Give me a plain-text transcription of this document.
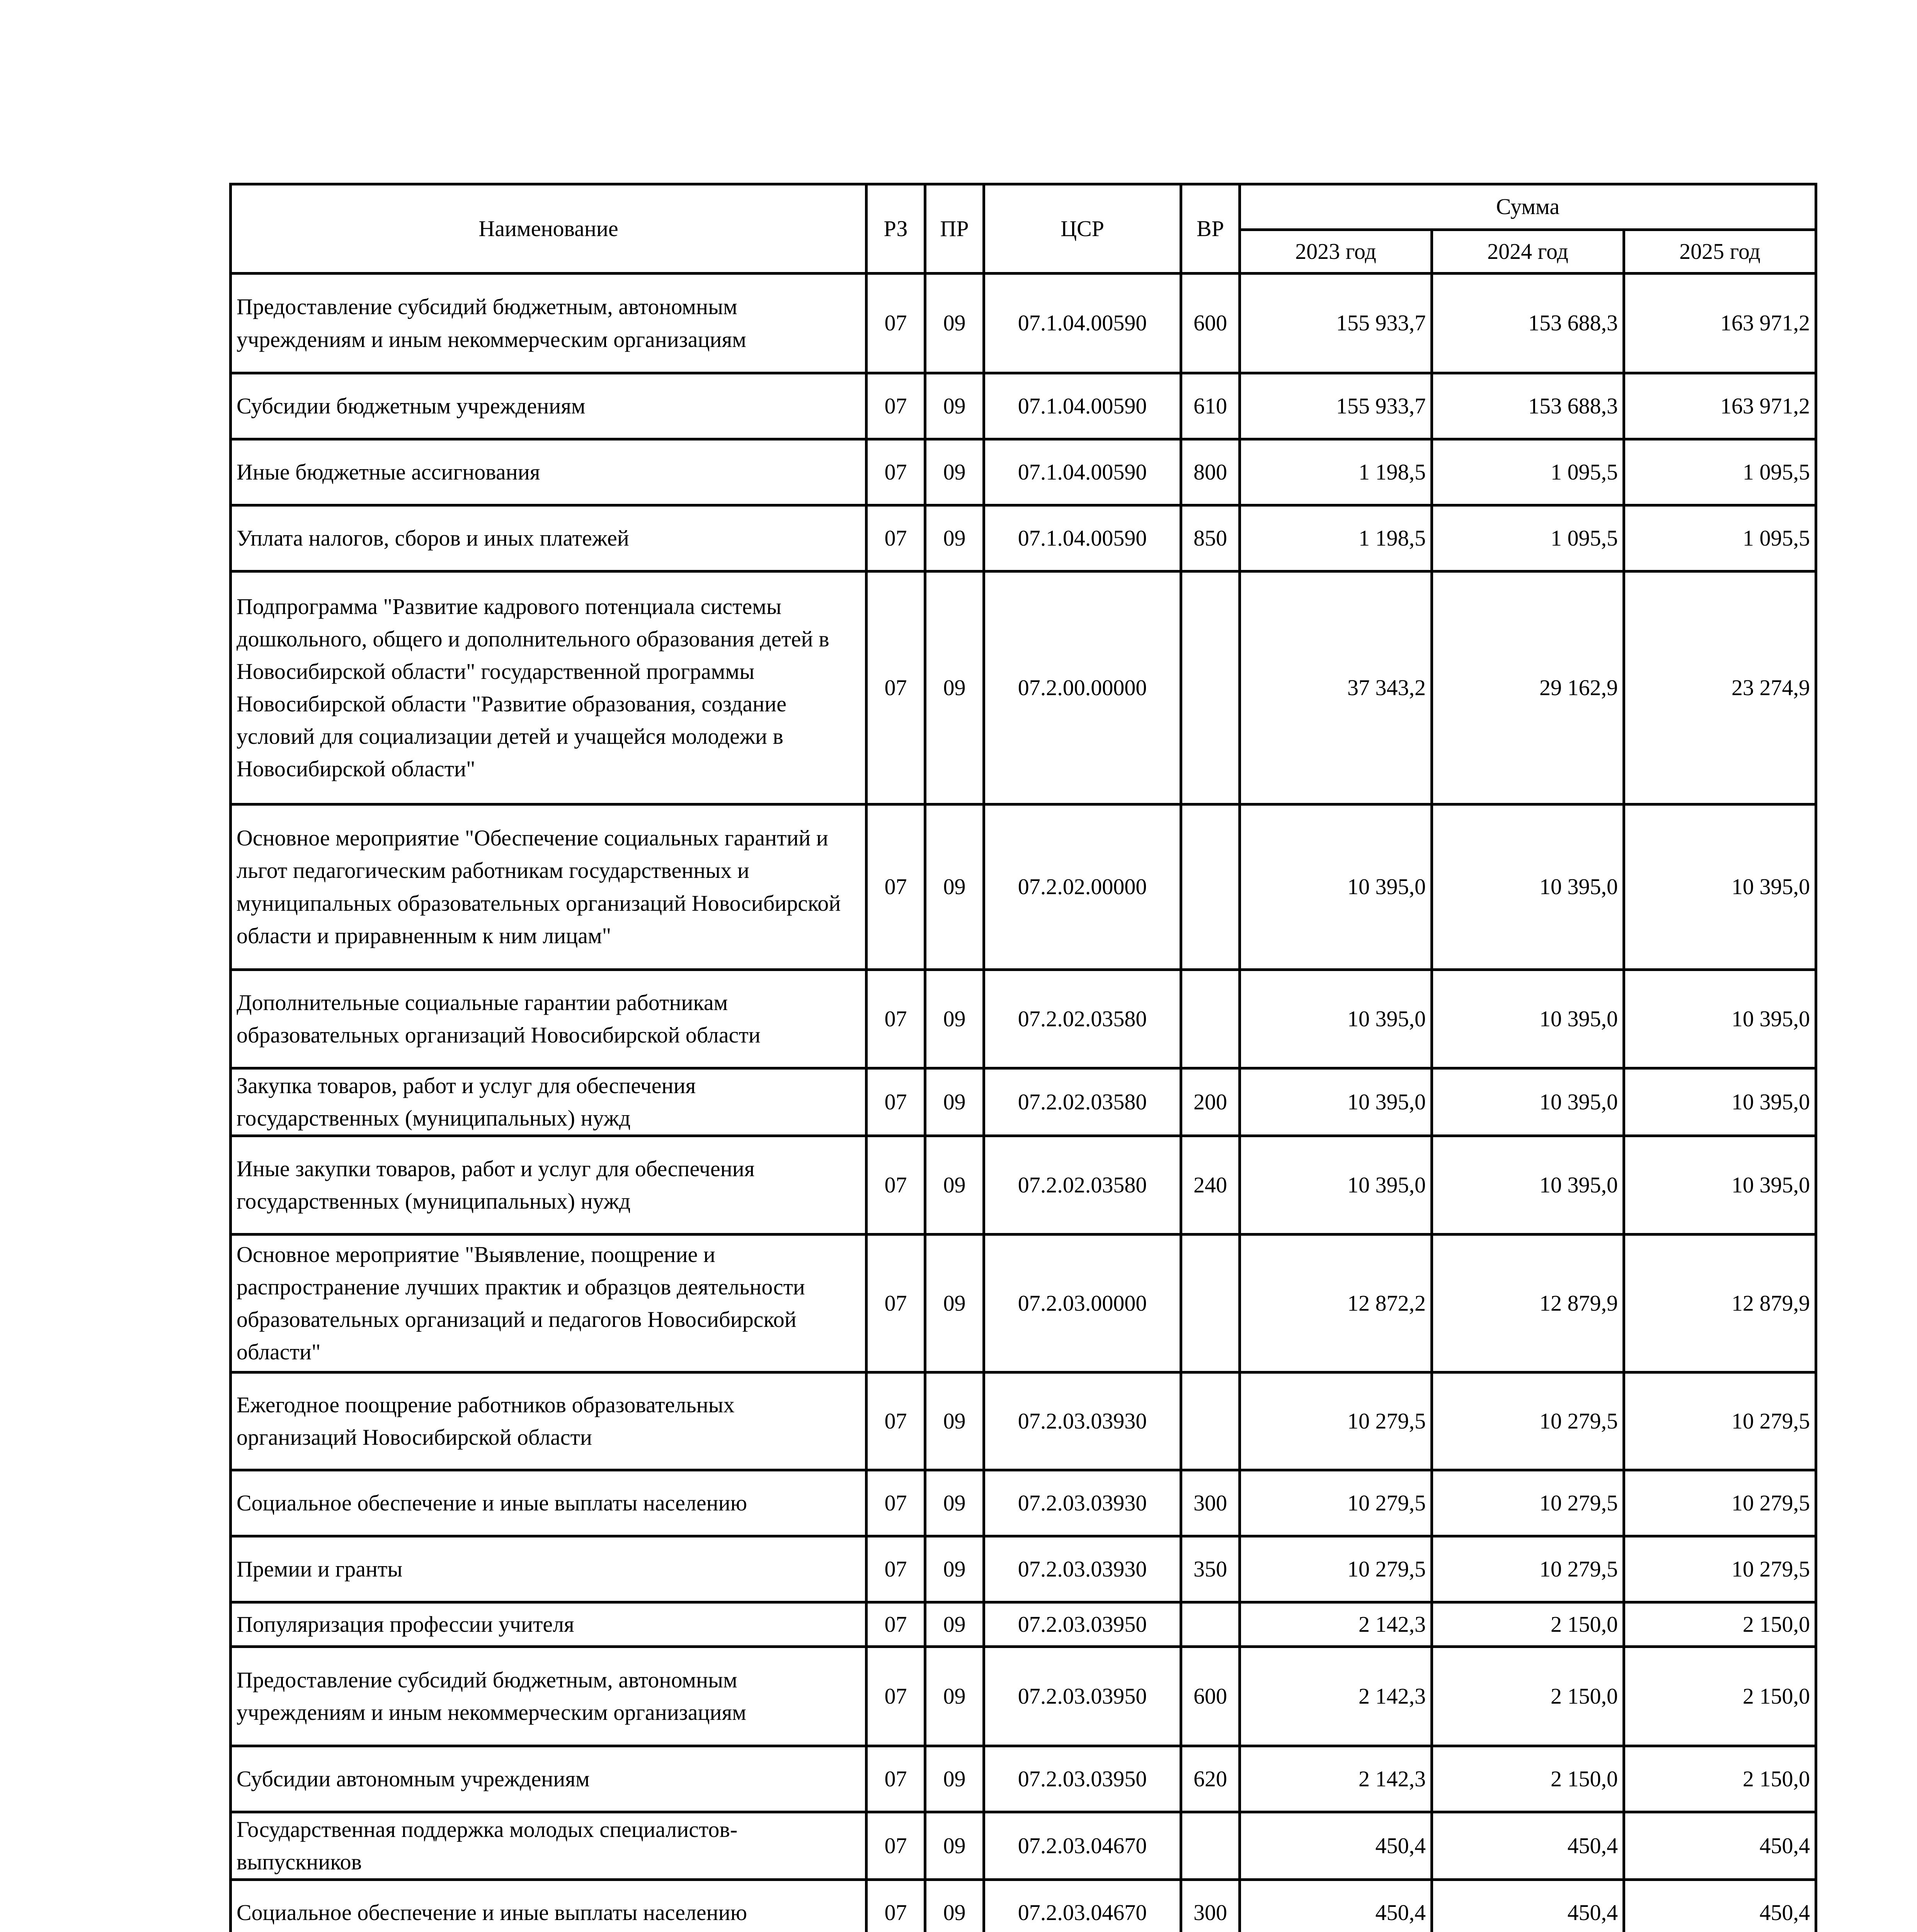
Наименование	РЗ	ПР	ЦСР	ВР	Сумма		
					2023 год	2024 год	2025 год
Предоставление субсидий бюджетным, автономным учреждениям и иным некоммерческим организациям	07	09	07.1.04.00590	600	155 933,7	153 688,3	163 971,2
Субсидии бюджетным учреждениям	07	09	07.1.04.00590	610	155 933,7	153 688,3	163 971,2
Иные бюджетные ассигнования	07	09	07.1.04.00590	800	1 198,5	1 095,5	1 095,5
Уплата налогов, сборов и иных платежей	07	09	07.1.04.00590	850	1 198,5	1 095,5	1 095,5
Подпрограмма "Развитие кадрового потенциала системы дошкольного, общего и дополнительного образования детей в Новосибирской области" государственной программы Новосибирской области "Развитие образования, создание условий для социализации детей и учащейся молодежи в Новосибирской области"	07	09	07.2.00.00000		37 343,2	29 162,9	23 274,9
Основное мероприятие "Обеспечение социальных гарантий и льгот педагогическим работникам государственных и муниципальных образовательных организаций Новосибирской области и приравненным к ним лицам"	07	09	07.2.02.00000		10 395,0	10 395,0	10 395,0
Дополнительные социальные гарантии работникам образовательных организаций Новосибирской области	07	09	07.2.02.03580		10 395,0	10 395,0	10 395,0
Закупка товаров, работ и услуг для обеспечения государственных (муниципальных) нужд	07	09	07.2.02.03580	200	10 395,0	10 395,0	10 395,0
Иные закупки товаров, работ и услуг для обеспечения государственных (муниципальных) нужд	07	09	07.2.02.03580	240	10 395,0	10 395,0	10 395,0
Основное мероприятие "Выявление, поощрение и распространение лучших практик и образцов деятельности образовательных организаций и педагогов Новосибирской области"	07	09	07.2.03.00000		12 872,2	12 879,9	12 879,9
Ежегодное поощрение работников образовательных организаций Новосибирской области	07	09	07.2.03.03930		10 279,5	10 279,5	10 279,5
Социальное обеспечение и иные выплаты населению	07	09	07.2.03.03930	300	10 279,5	10 279,5	10 279,5
Премии и гранты	07	09	07.2.03.03930	350	10 279,5	10 279,5	10 279,5
Популяризация профессии учителя	07	09	07.2.03.03950		2 142,3	2 150,0	2 150,0
Предоставление субсидий бюджетным, автономным учреждениям и иным некоммерческим организациям	07	09	07.2.03.03950	600	2 142,3	2 150,0	2 150,0
Субсидии автономным учреждениям	07	09	07.2.03.03950	620	2 142,3	2 150,0	2 150,0
Государственная поддержка молодых специалистов-выпускников	07	09	07.2.03.04670		450,4	450,4	450,4
Социальное обеспечение и иные выплаты населению	07	09	07.2.03.04670	300	450,4	450,4	450,4
